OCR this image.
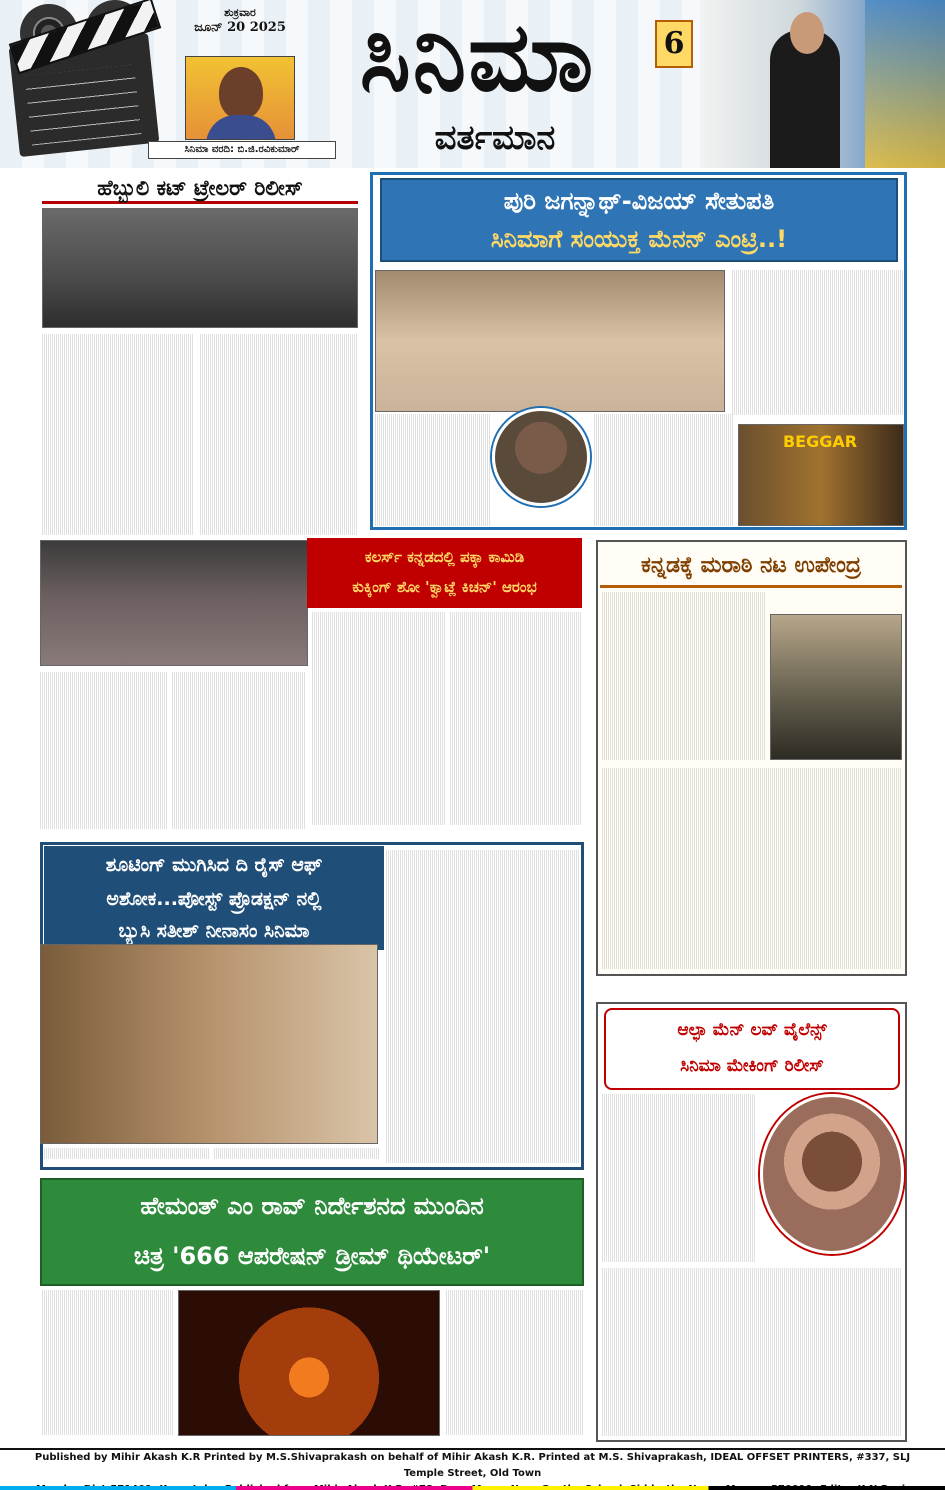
ಶುಕ್ರವಾರ
ಜೂನ್ 20 2025
ಸಿನಿಮಾ ವರದಿ: ಬಿ.ಜಿ.ರವಿಕುಮಾರ್
ಸಿನಿಮಾ
ವರ್ತಮಾನ
6
ಹೆಬ್ಬುಲಿ ಕಟ್ ಟ್ರೇಲರ್ ರಿಲೀಸ್	ಪುರಿ ಜಗನ್ನಾಥ್-ವಿಜಯ್ ಸೇತುಪತಿ
ಸಿನಿಮಾಗೆ ಸಂಯುಕ್ತ ಮೆನನ್ ಎಂಟ್ರಿ..!
BEGGAR
ಕಲರ್ಸ್ ಕನ್ನಡದಲ್ಲಿ ಪಕ್ಕಾ ಕಾಮಿಡಿ
ಕುಕ್ಕಿಂಗ್ ಶೋ 'ಕ್ವಾಟ್ಲೆ ಕಿಚನ್' ಆರಂಭ
ಕನ್ನಡಕ್ಕೆ ಮರಾಠಿ ನಟ ಉಪೇಂದ್ರ
ಶೂಟಿಂಗ್ ಮುಗಿಸಿದ ದಿ ರೈಸ್ ಆಫ್
ಅಶೋಕ...ಪೋಸ್ಟ್ ಪ್ರೊಡಕ್ಷನ್ ನಲ್ಲಿ
ಬ್ಯುಸಿ ಸತೀಶ್ ನೀನಾಸಂ ಸಿನಿಮಾ
ಆಲ್ಫಾ ಮೆನ್ ಲವ್ ವೈಲೆನ್ಸ್
ಸಿನಿಮಾ ಮೇಕಿಂಗ್ ರಿಲೀಸ್
ಹೇಮಂತ್ ಎಂ ರಾವ್ ನಿರ್ದೇಶನದ ಮುಂದಿನ
ಚಿತ್ರ '666 ಆಪರೇಷನ್ ಡ್ರೀಮ್ ಥಿಯೇಟರ್'
Published by Mihir Akash K.R Printed by M.S.Shivaprakash on behalf of Mihir Akash K.R. Printed at M.S. Shivaprakash, IDEAL OFFSET PRINTERS, #337, SLJ Temple Street, Old Town
